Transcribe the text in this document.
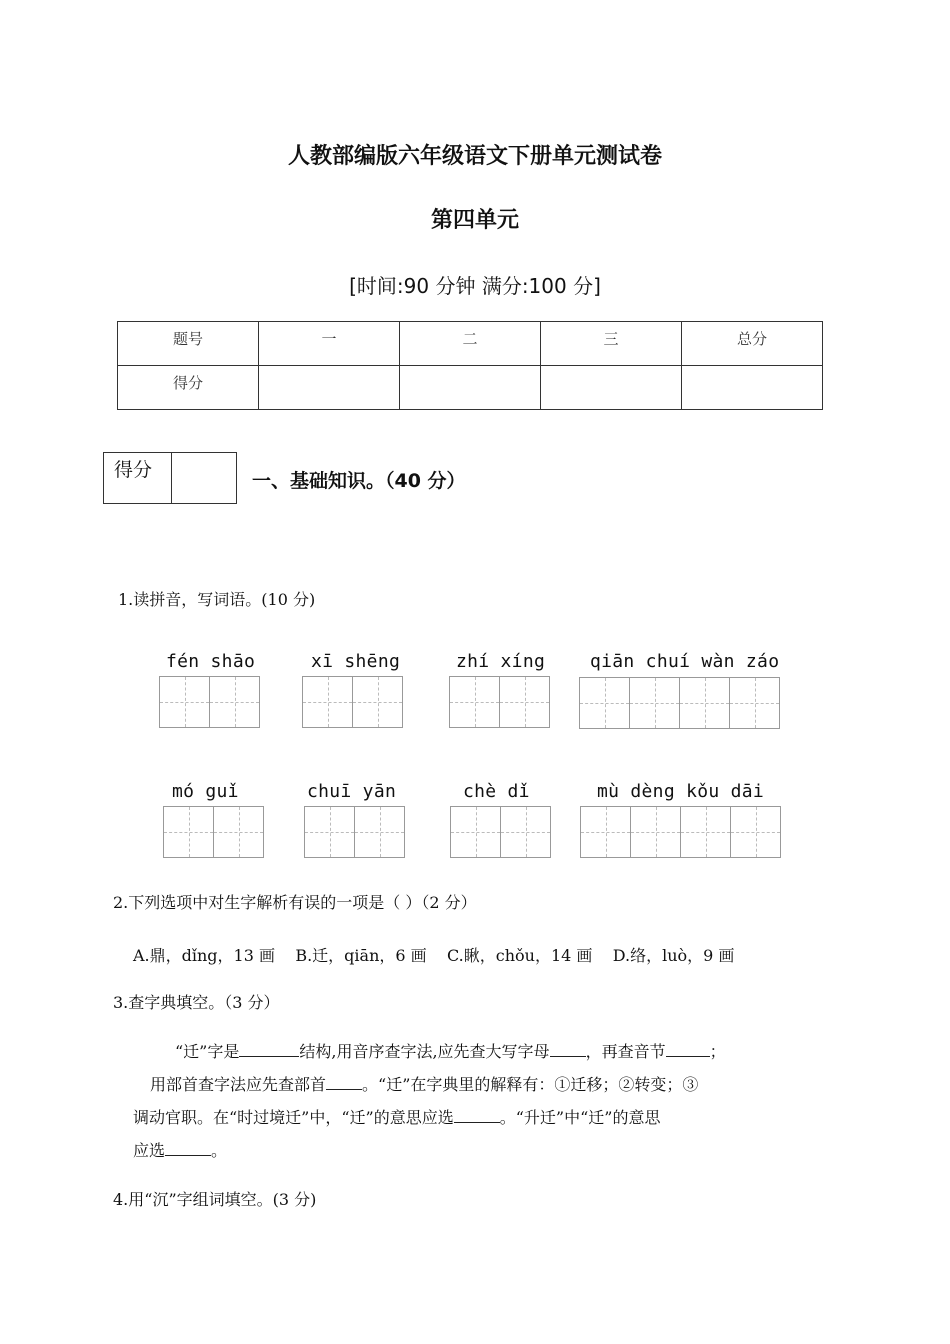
人教部编版六年级语文下册单元测试卷
第四单元
[时间:90 分钟 满分:100 分]
题号	一	二	三	总分
得分				
得分	一、基础知识。（40 分）
1.读拼音，写词语。(10 分)
fén shāo	xī shēng	zhí xíng qiān chuí wàn záo
mó guǐ	chuī yān	chè dǐ	mù dèng kǒu dāi
2.下列选项中对生字解析有误的一项是（ ）（2 分）
A.鼎，dǐng，13 画    B.迁，qiān，6 画    C.瞅，chǒu，14 画    D.络，luò，9 画
3.查字典填空。（3 分）
“迁”字是	结构,用音序查字法,应先查大写字母 ，再查音节	；
用部首查字法应先查部首 。“迁”在字典里的解释有：①迁移；②转变；③
调动官职。在“时过境迁”中，“迁”的意思应选	。“升迁”中“迁”的意思
应选	。
4.用“沉”字组词填空。(3 分)
